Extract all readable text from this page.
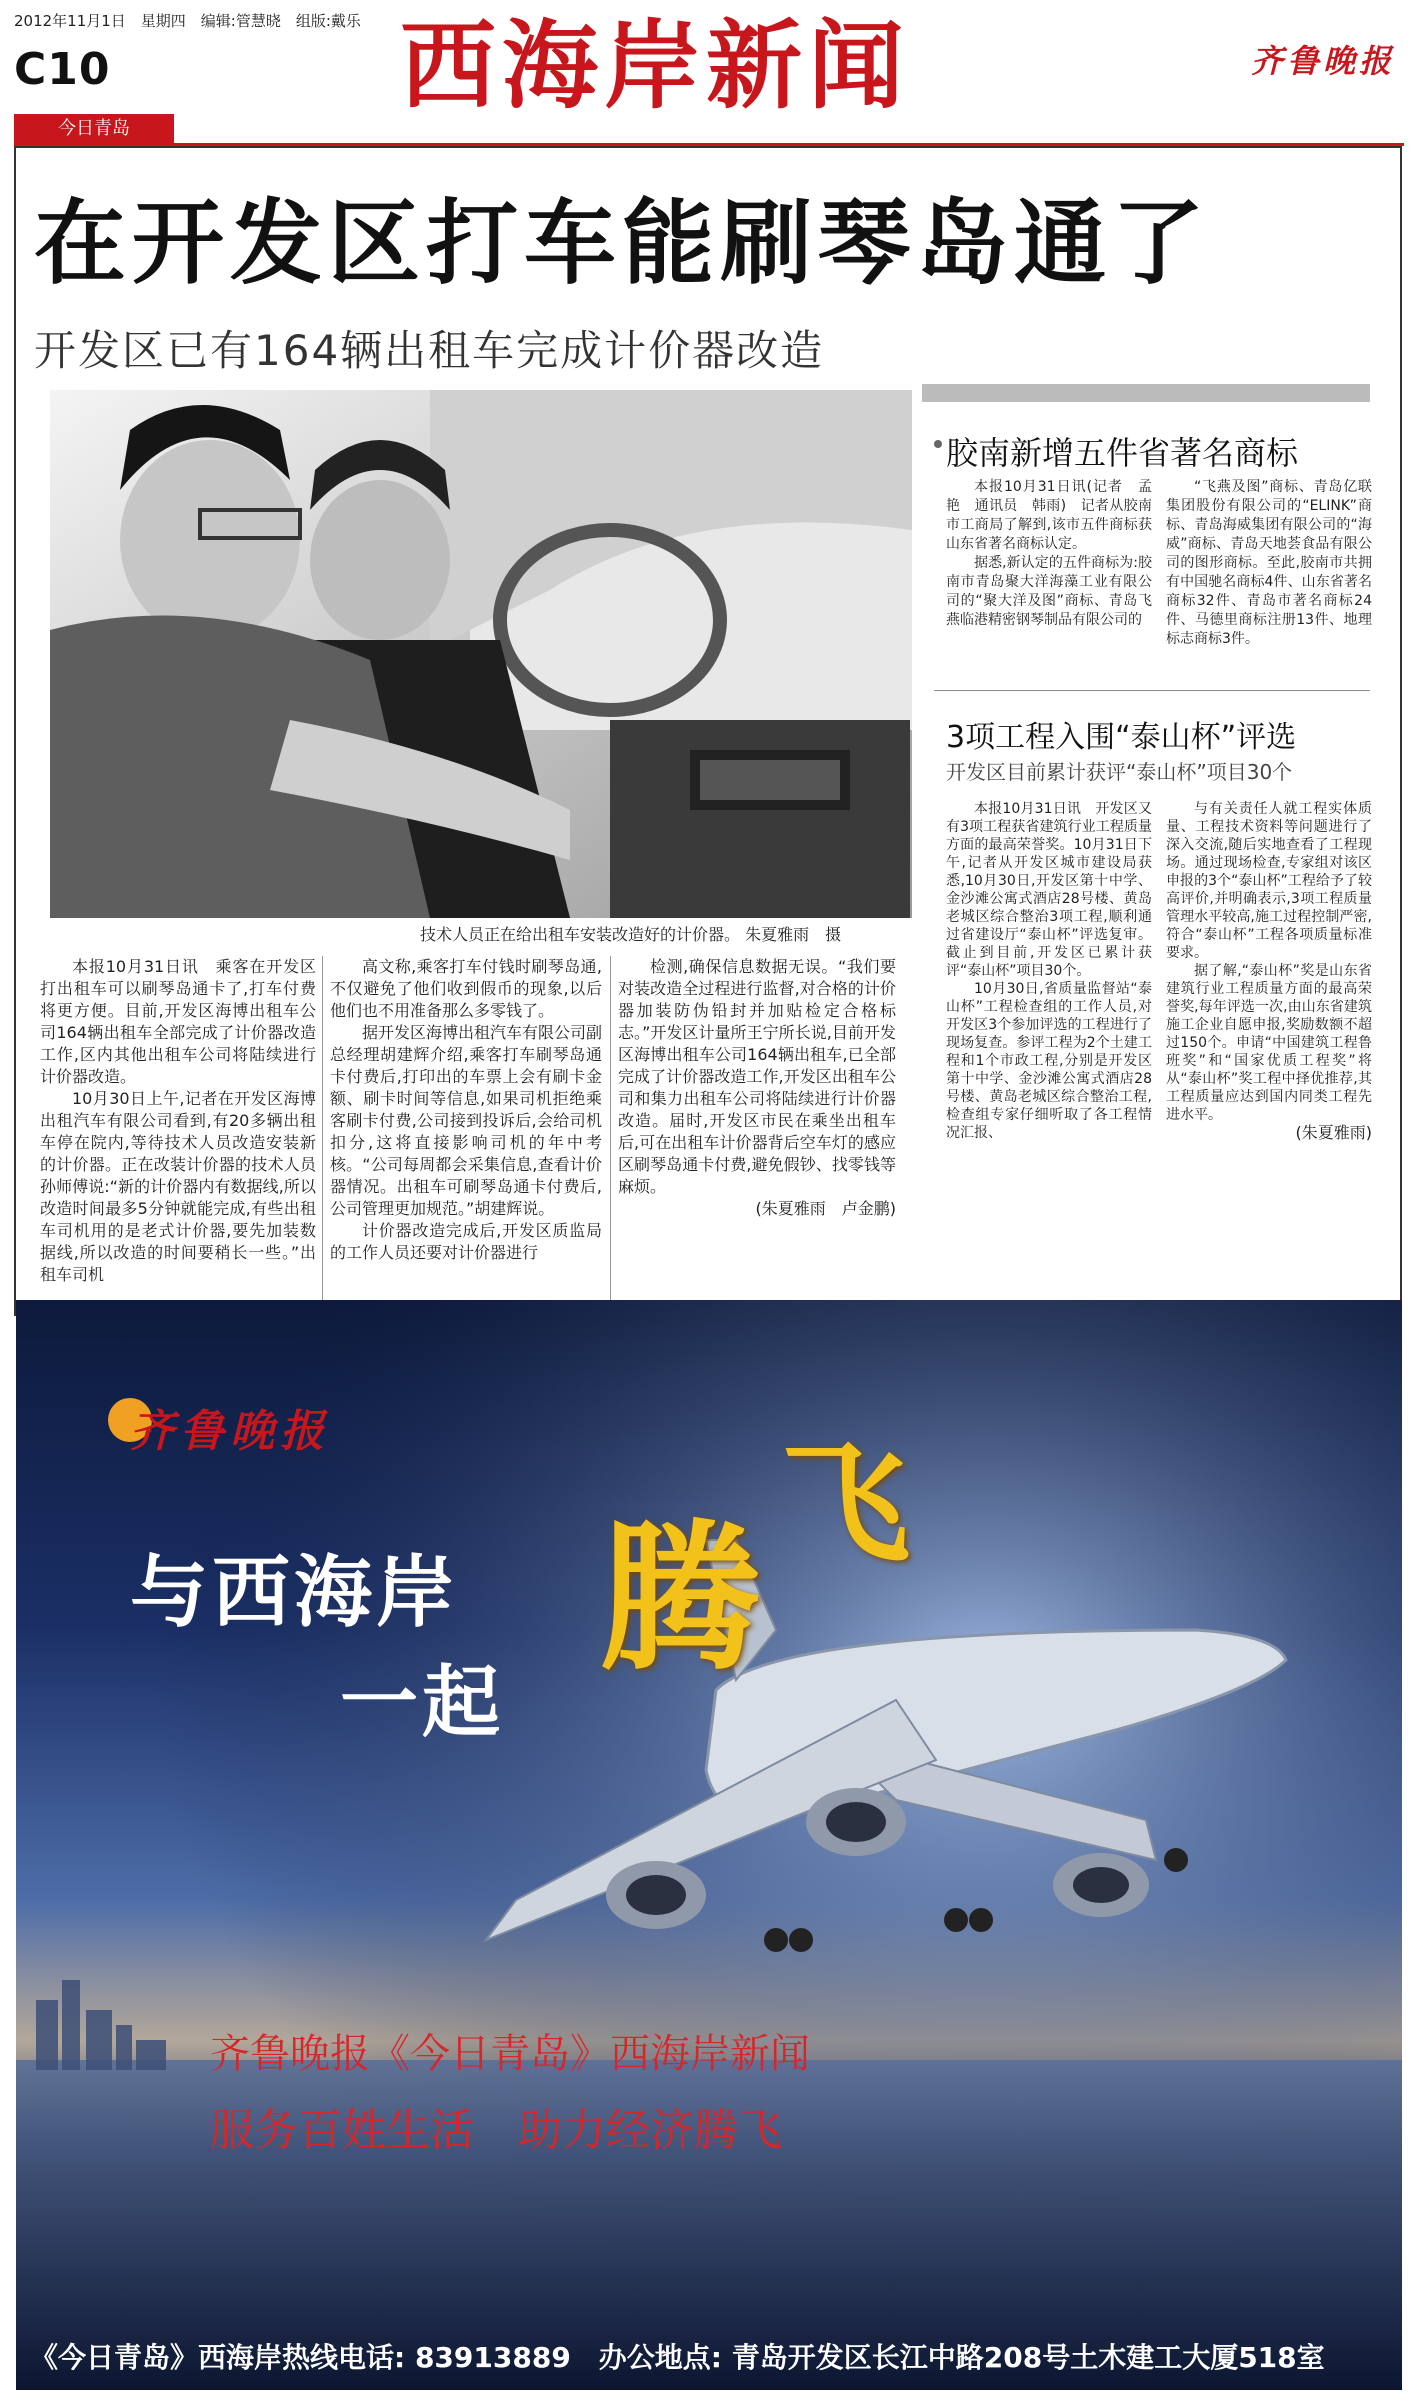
2012年11月1日　星期四　编辑:管慧晓　组版:戴乐
C10	西海岸新闻	齐鲁晚报
今日青岛
在开发区打车能刷琴岛通了
开发区已有164辆出租车完成计价器改造
技术人员正在给出租车安装改造好的计价器。 朱夏雅雨　摄

本报10月31日讯　乘客在开发区打出租车可以刷琴岛通卡了,打车付费将更方便。目前,开发区海博出租车公司164辆出租车全部完成了计价器改造工作,区内其他出租车公司将陆续进行计价器改造。

10月30日上午,记者在开发区海博出租汽车有限公司看到,有20多辆出租车停在院内,等待技术人员改造安装新的计价器。正在改装计价器的技术人员孙师傅说:“新的计价器内有数据线,所以改造时间最多5分钟就能完成,有些出租车司机用的是老式计价器,要先加装数据线,所以改造的时间要稍长一些。”出租车司机

高文称,乘客打车付钱时刷琴岛通,不仅避免了他们收到假币的现象,以后他们也不用准备那么多零钱了。

据开发区海博出租汽车有限公司副总经理胡建辉介绍,乘客打车刷琴岛通卡付费后,打印出的车票上会有刷卡金额、刷卡时间等信息,如果司机拒绝乘客刷卡付费,公司接到投诉后,会给司机扣分,这将直接影响司机的年中考核。“公司每周都会采集信息,查看计价器情况。出租车可刷琴岛通卡付费后,公司管理更加规范。”胡建辉说。

计价器改造完成后,开发区质监局的工作人员还要对计价器进行

检测,确保信息数据无误。“我们要对装改造全过程进行监督,对合格的计价器加装防伪铅封并加贴检定合格标志。”开发区计量所王宁所长说,目前开发区海博出租车公司164辆出租车,已全部完成了计价器改造工作,开发区出租车公司和集力出租车公司将陆续进行计价器改造。届时,开发区市民在乘坐出租车后,可在出租车计价器背后空车灯的感应区刷琴岛通卡付费,避免假钞、找零钱等麻烦。

(朱夏雅雨　卢金鹏)
胶南新增五件省著名商标

本报10月31日讯(记者　孟艳　通讯员　韩雨)　记者从胶南市工商局了解到,该市五件商标获山东省著名商标认定。

据悉,新认定的五件商标为:胶南市青岛聚大洋海藻工业有限公司的“聚大洋及图”商标、青岛飞燕临港精密钢琴制品有限公司的

“飞燕及图”商标、青岛亿联集团股份有限公司的“ELINK”商标、青岛海威集团有限公司的“海威”商标、青岛天地荟食品有限公司的图形商标。至此,胶南市共拥有中国驰名商标4件、山东省著名商标32件、青岛市著名商标24件、马德里商标注册13件、地理标志商标3件。

3项工程入围“泰山杯”评选
开发区目前累计获评“泰山杯”项目30个

本报10月31日讯　开发区又有3项工程获省建筑行业工程质量方面的最高荣誉奖。10月31日下午,记者从开发区城市建设局获悉,10月30日,开发区第十中学、金沙滩公寓式酒店28号楼、黄岛老城区综合整治3项工程,顺利通过省建设厅“泰山杯”评选复审。截止到目前,开发区已累计获评“泰山杯”项目30个。

10月30日,省质量监督站“泰山杯”工程检查组的工作人员,对开发区3个参加评选的工程进行了现场复查。参评工程为2个土建工程和1个市政工程,分别是开发区第十中学、金沙滩公寓式酒店28号楼、黄岛老城区综合整治工程,检查组专家仔细听取了各工程情况汇报、

与有关责任人就工程实体质量、工程技术资料等问题进行了深入交流,随后实地查看了工程现场。通过现场检查,专家组对该区申报的3个“泰山杯”工程给予了较高评价,并明确表示,3项工程质量管理水平较高,施工过程控制严密,符合“泰山杯”工程各项质量标准要求。

据了解,“泰山杯”奖是山东省建筑行业工程质量方面的最高荣誉奖,每年评选一次,由山东省建筑施工企业自愿申报,奖励数额不超过150个。申请“中国建筑工程鲁班奖”和“国家优质工程奖”将从“泰山杯”奖工程中择优推荐,其工程质量应达到国内同类工程先进水平。

(朱夏雅雨)
齐鲁晚报
与西海岸
一起
腾
飞
齐鲁晚报《今日青岛》西海岸新闻
服务百姓生活　助力经济腾飞
《今日青岛》西海岸热线电话: 83913889　办公地点: 青岛开发区长江中路208号土木建工大厦518室
